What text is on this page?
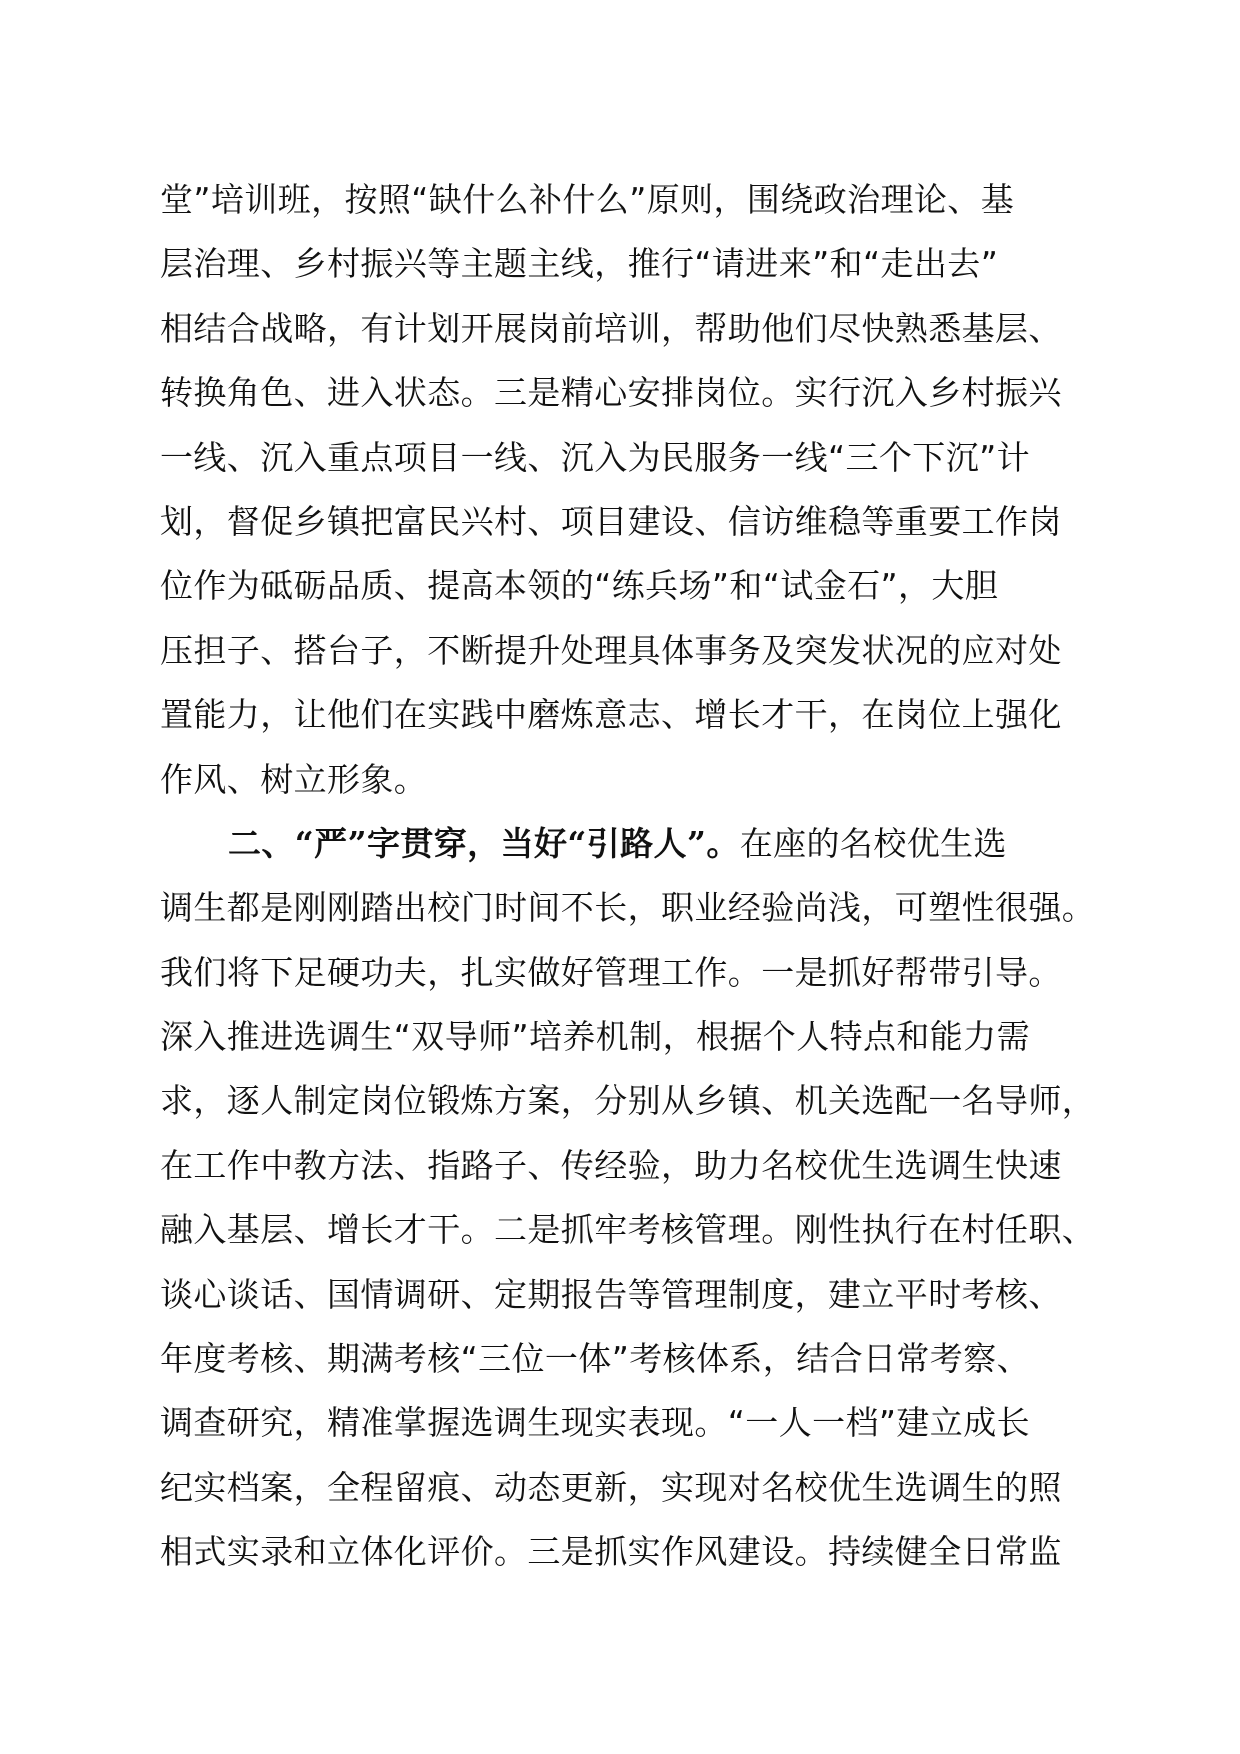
堂”培训班，按照“缺什么补什么”原则，围绕政治理论、基
层治理、乡村振兴等主题主线，推行“请进来”和“走出去”
相结合战略，有计划开展岗前培训，帮助他们尽快熟悉基层、
转换角色、进入状态。三是精心安排岗位。实行沉入乡村振兴
一线、沉入重点项目一线、沉入为民服务一线“三个下沉”计
划，督促乡镇把富民兴村、项目建设、信访维稳等重要工作岗
位作为砥砺品质、提高本领的“练兵场”和“试金石”，大胆
压担子、搭台子，不断提升处理具体事务及突发状况的应对处
置能力，让他们在实践中磨炼意志、增长才干，在岗位上强化
作风、树立形象。
二、“严”字贯穿，当好“引路人”。在座的名校优生选
调生都是刚刚踏出校门时间不长，职业经验尚浅，可塑性很强。
我们将下足硬功夫，扎实做好管理工作。一是抓好帮带引导。
深入推进选调生“双导师”培养机制，根据个人特点和能力需
求，逐人制定岗位锻炼方案，分别从乡镇、机关选配一名导师，
在工作中教方法、指路子、传经验，助力名校优生选调生快速
融入基层、增长才干。二是抓牢考核管理。刚性执行在村任职、
谈心谈话、国情调研、定期报告等管理制度，建立平时考核、
年度考核、期满考核“三位一体”考核体系，结合日常考察、
调查研究，精准掌握选调生现实表现。“一人一档”建立成长
纪实档案，全程留痕、动态更新，实现对名校优生选调生的照
相式实录和立体化评价。三是抓实作风建设。持续健全日常监
